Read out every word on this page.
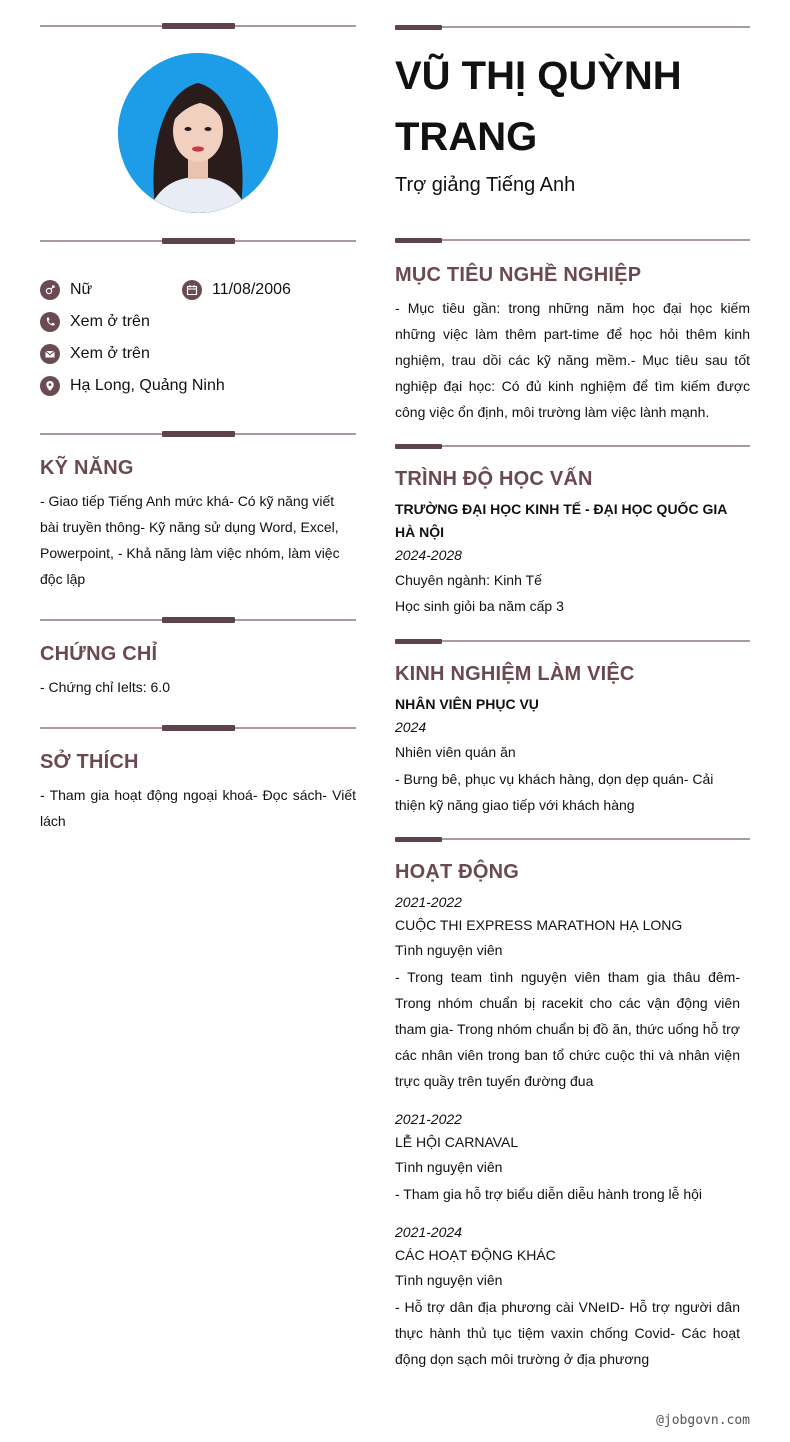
Nữ	11/08/2006
Xem ở trên
Xem ở trên
Hạ Long, Quảng Ninh
KỸ NĂNG
- Giao tiếp Tiếng Anh mức khá- Có kỹ năng viết bài truyền thông- Kỹ năng sử dụng Word, Excel, Powerpoint, - Khả năng làm việc nhóm, làm việc độc lập
CHỨNG CHỈ
- Chứng chỉ Ielts: 6.0
SỞ THÍCH
- Tham gia hoạt động ngoại khoá- Đọc sách- Viết lách
VŨ THỊ QUỲNH TRANG
Trợ giảng Tiếng Anh
MỤC TIÊU NGHỀ NGHIỆP
- Mục tiêu gần: trong những năm học đại học kiếm những việc làm thêm part-time để học hỏi thêm kinh nghiệm, trau dồi các kỹ năng mềm.- Mục tiêu sau tốt nghiệp đại học: Có đủ kinh nghiệm để tìm kiếm được công việc ổn định, môi trường làm việc lành mạnh.
TRÌNH ĐỘ HỌC VẤN
TRƯỜNG ĐẠI HỌC KINH TẾ - ĐẠI HỌC QUỐC GIA HÀ NỘI
2024-2028
Chuyên ngành: Kinh Tế
Học sinh giỏi ba năm cấp 3
KINH NGHIỆM LÀM VIỆC
NHÂN VIÊN PHỤC VỤ
2024
Nhiên viên quán ăn
- Bưng bê, phục vụ khách hàng, dọn dẹp quán- Cải thiện kỹ năng giao tiếp với khách hàng
HOẠT ĐỘNG
2021-2022
CUỘC THI EXPRESS MARATHON HẠ LONG
Tình nguyện viên
- Trong team tình nguyện viên tham gia thâu đêm- Trong nhóm chuẩn bị racekit cho các vận động viên tham gia- Trong nhóm chuẩn bị đồ ăn, thức uống hỗ trợ các nhân viên trong ban tổ chức cuộc thi và nhân viện trực quầy trên tuyến đường đua
2021-2022
LỄ HỘI CARNAVAL
Tình nguyện viên
- Tham gia hỗ trợ biểu diễn diễu hành trong lễ hội
2021-2024
CÁC HOẠT ĐỘNG KHÁC
Tình nguyện viên
- Hỗ trợ dân địa phương cài VNeID- Hỗ trợ người dân thực hành thủ tục tiệm vaxin chống Covid- Các hoạt động dọn sạch môi trường ở địa phương
@jobgovn.com
